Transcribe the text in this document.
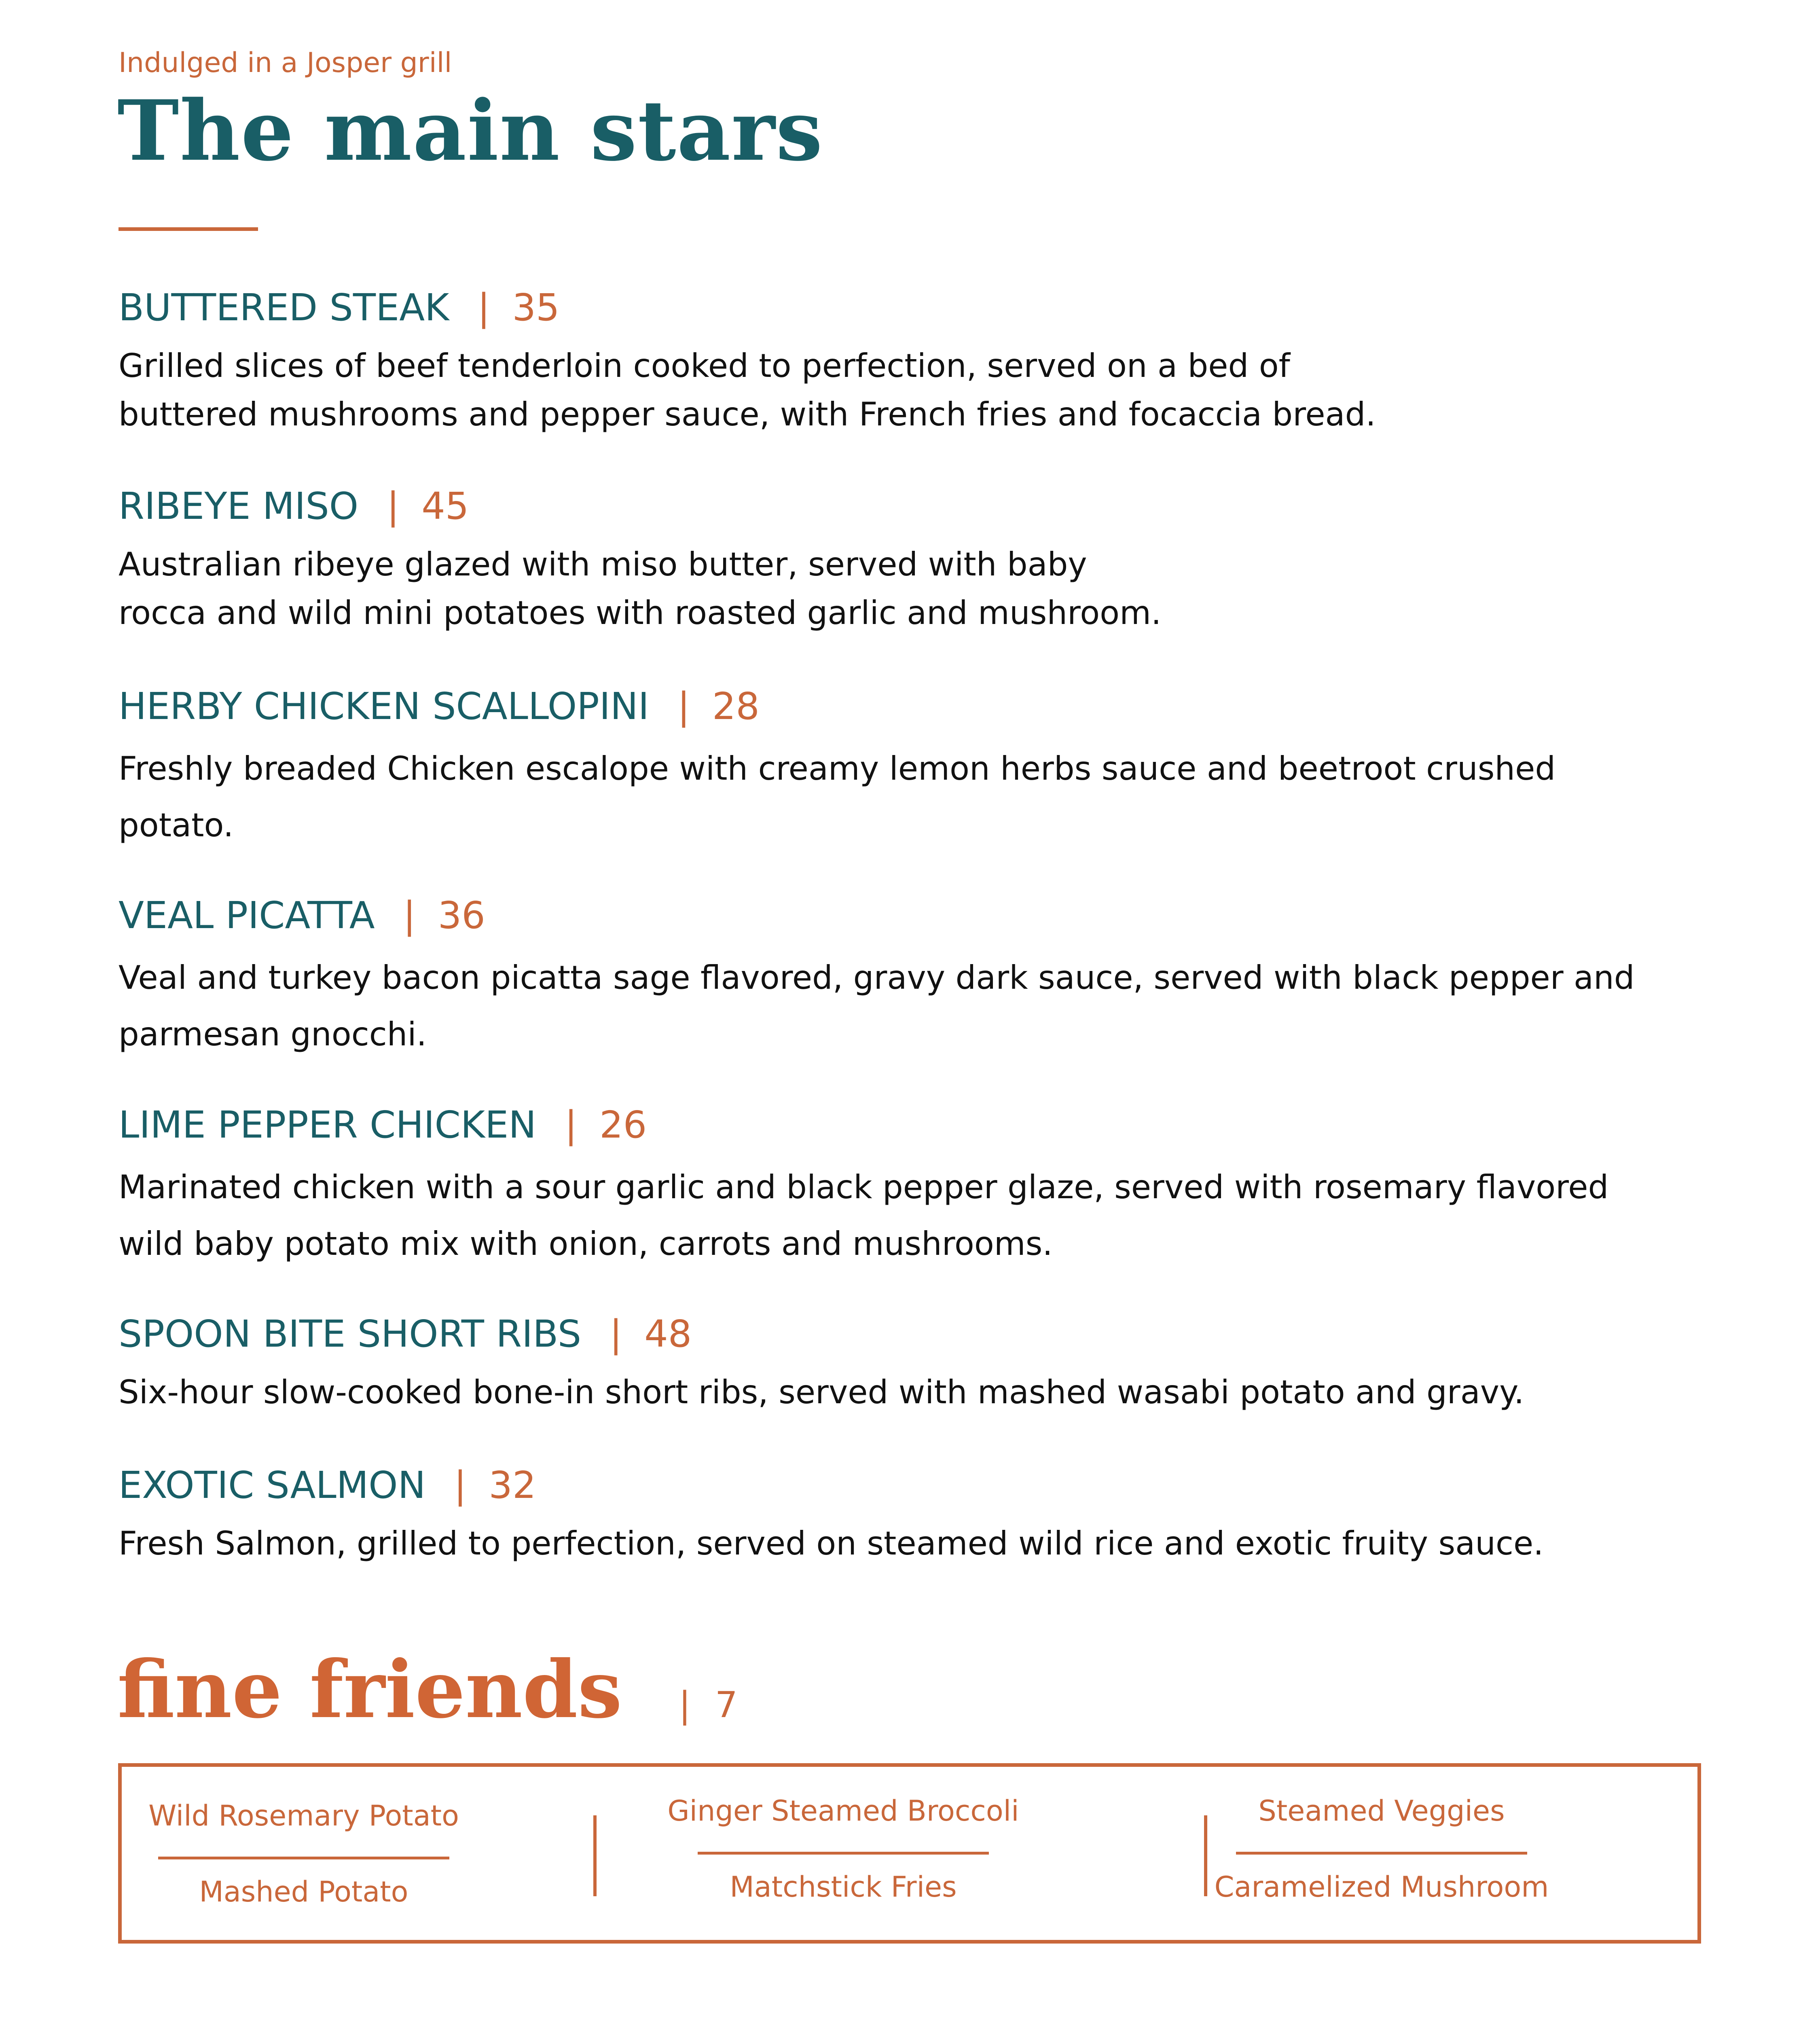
Indulged in a Josper grill
The main stars
BUTTERED STEAK | 35
Grilled slices of beef tenderloin cooked to perfection, served on a bed of
buttered mushrooms and pepper sauce, with French fries and focaccia bread.
RIBEYE MISO | 45
Australian ribeye glazed with miso butter, served with baby
rocca and wild mini potatoes with roasted garlic and mushroom.
HERBY CHICKEN SCALLOPINI | 28
Freshly breaded Chicken escalope with creamy lemon herbs sauce and beetroot crushed
potato.
VEAL PICATTA | 36
Veal and turkey bacon picatta sage flavored, gravy dark sauce, served with black pepper and
parmesan gnocchi.
LIME PEPPER CHICKEN | 26
Marinated chicken with a sour garlic and black pepper glaze, served with rosemary flavored
wild baby potato mix with onion, carrots and mushrooms.
SPOON BITE SHORT RIBS | 48
Six-hour slow-cooked bone-in short ribs, served with mashed wasabi potato and gravy.
EXOTIC SALMON | 32
Fresh Salmon, grilled to perfection, served on steamed wild rice and exotic fruity sauce.
fine friends | 7
Wild Rosemary Potato
Mashed Potato
Ginger Steamed Broccoli
Matchstick Fries
Steamed Veggies
Caramelized Mushroom
